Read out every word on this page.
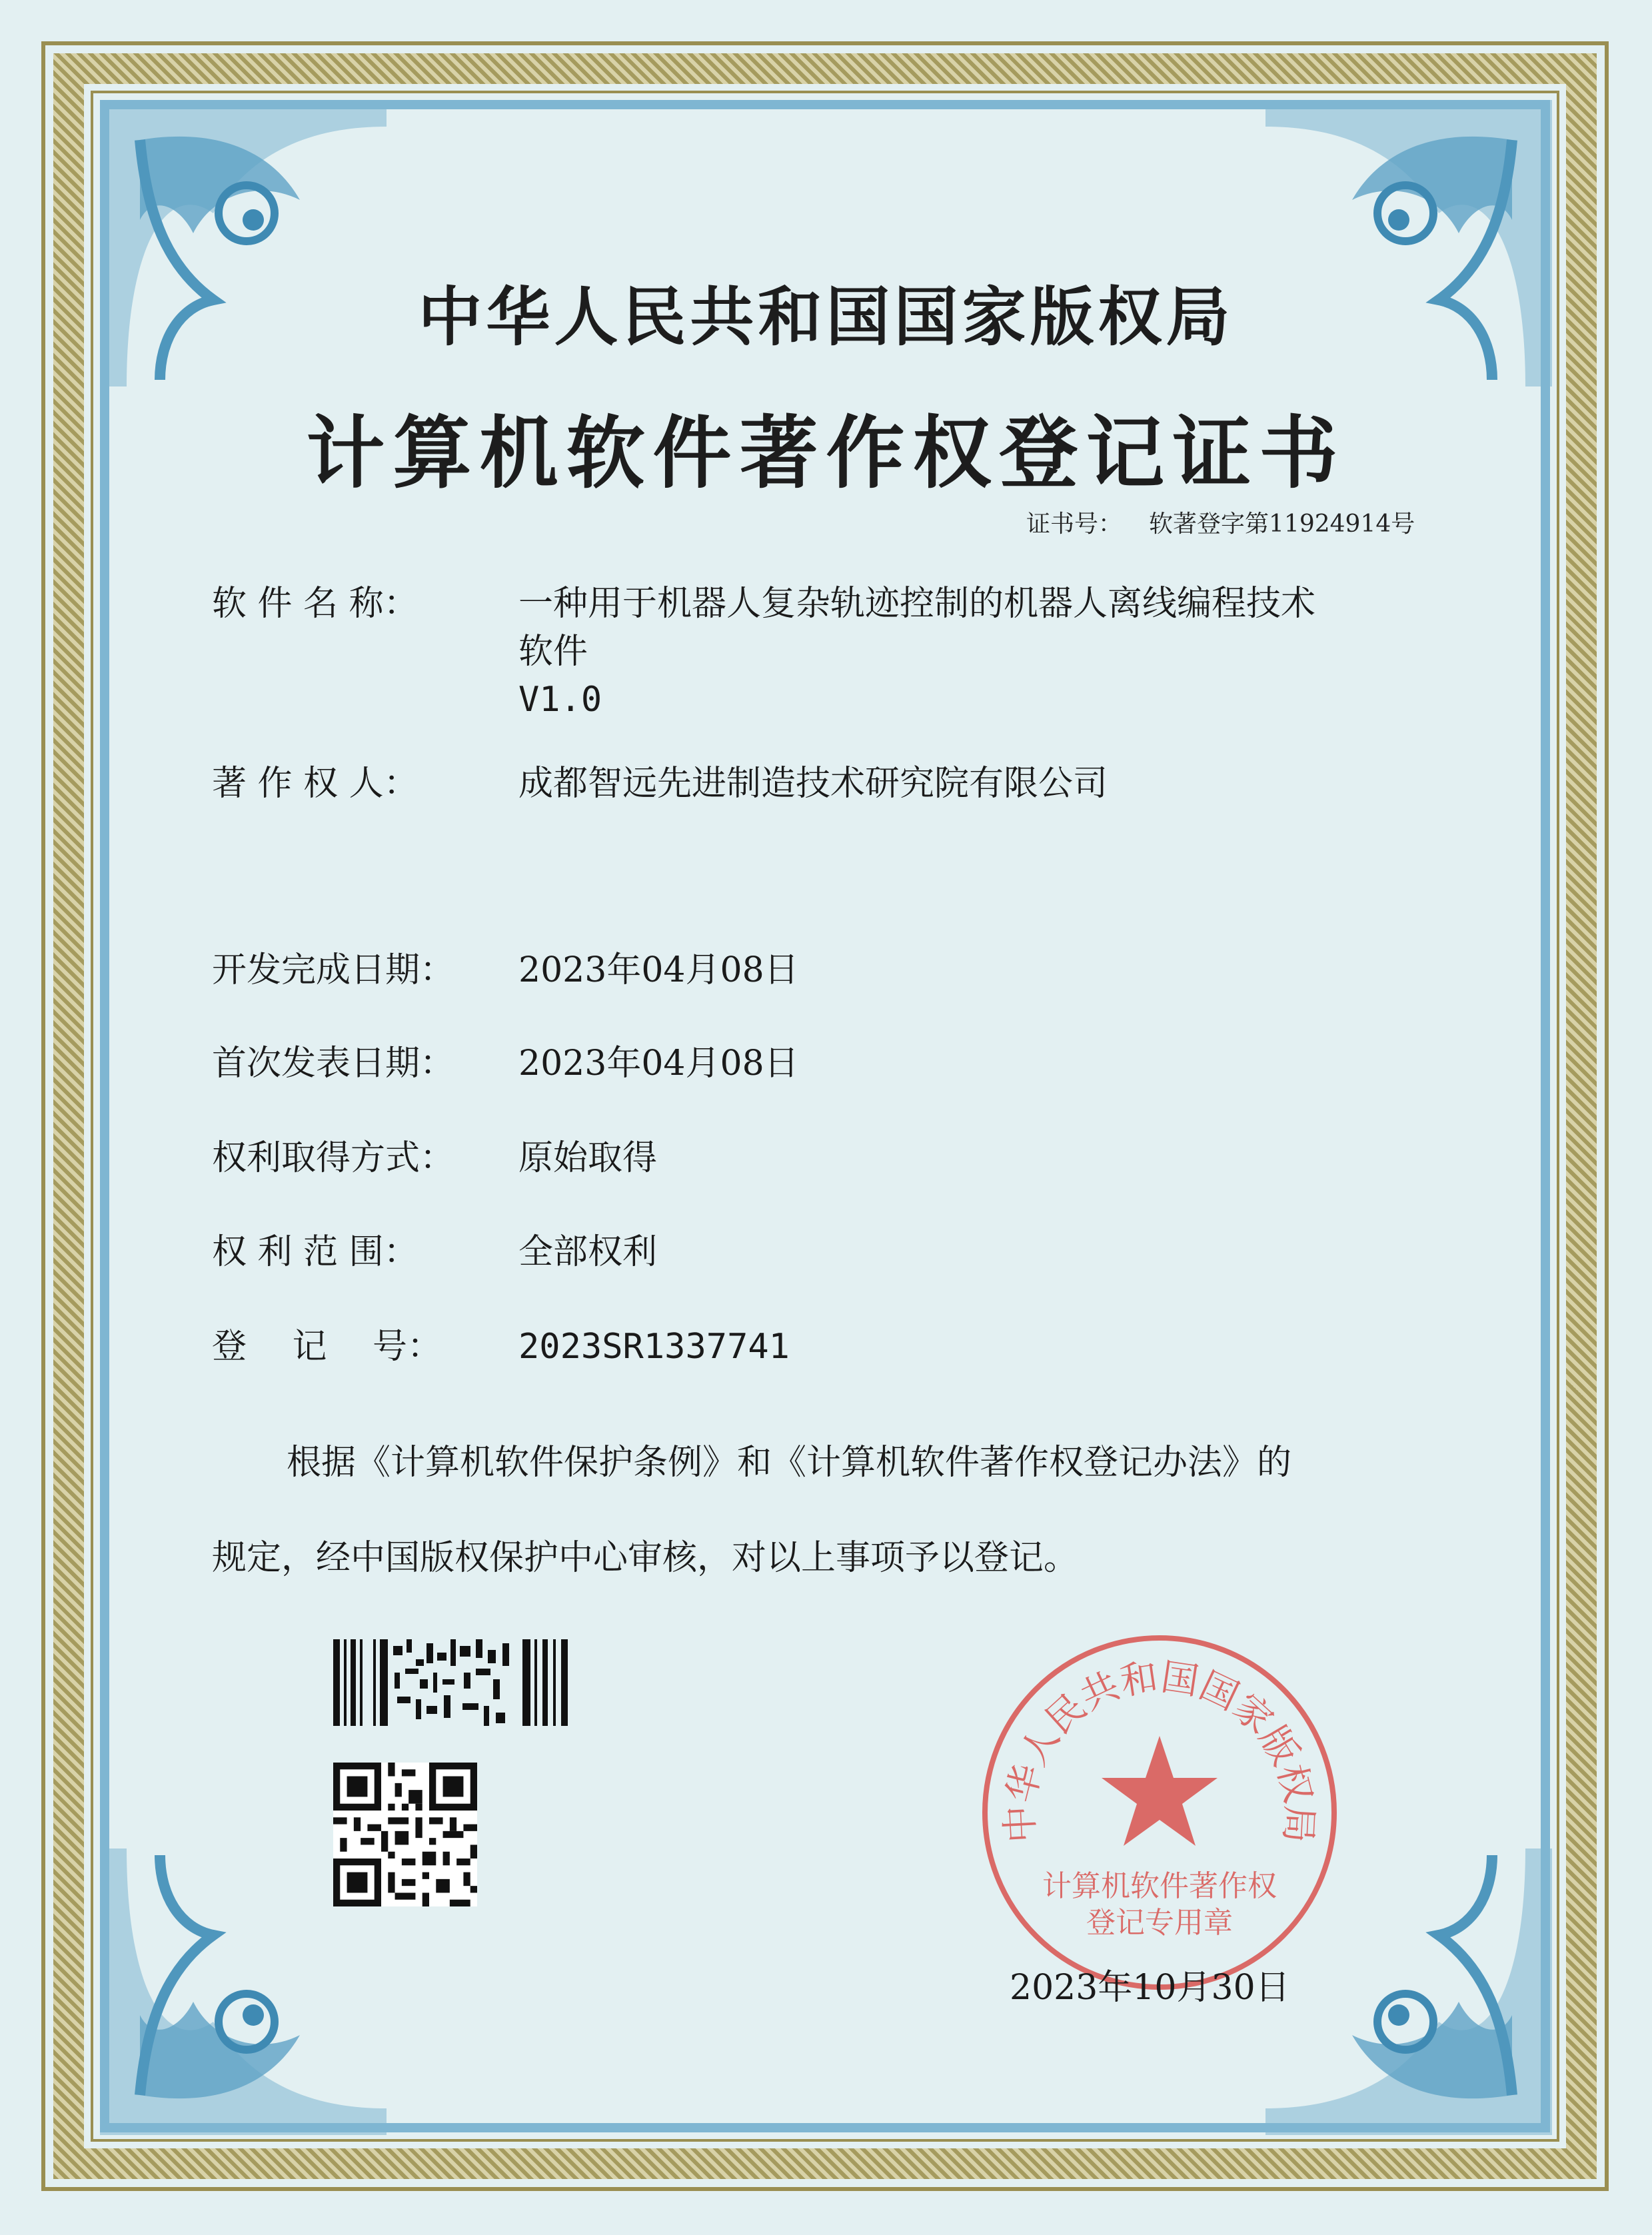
中华人民共和国国家版权局
计算机软件著作权登记证书
证书号： 软著登字第11924914号
软 件 名 称：	一种用于机器人复杂轨迹控制的机器人离线编程技术
软件
V1.0
著 作 权 人：	成都智远先进制造技术研究院有限公司
开发完成日期： 2023年04月08日
首次发表日期： 2023年04月08日
权利取得方式： 原始取得
权 利 范 围：	全部权利
登　 记　 号： 2023SR1337741
根据《计算机软件保护条例》和《计算机软件著作权登记办法》的
规定，经中国版权保护中心审核，对以上事项予以登记。
中华人民共和国国家版权局
计算机软件著作权
登记专用章
2023年10月30日
